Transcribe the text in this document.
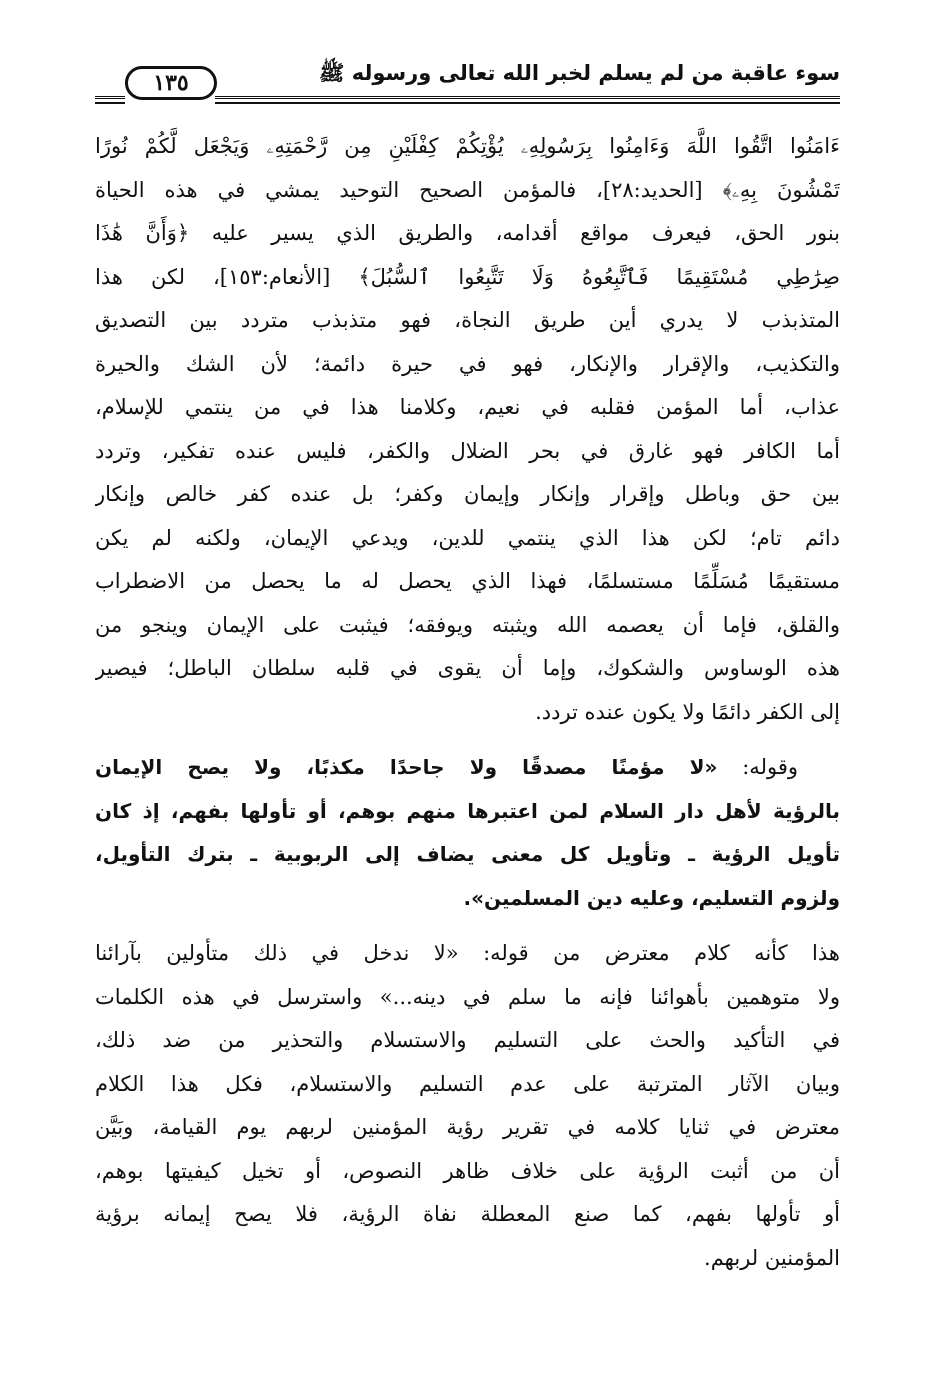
سوء عاقبة من لم يسلم لخبر الله تعالى ورسوله ﷺ
١٣٥
ءَامَنُوا اتَّقُوا اللَّهَ وَءَامِنُوا بِرَسُولِهِۦ يُؤْتِكُمْ كِفْلَيْنِ مِن رَّحْمَتِهِۦ وَيَجْعَل لَّكُمْ نُورًا
تَمْشُونَ بِهِۦ﴾ [الحديد:٢٨]، فالمؤمن الصحيح التوحيد يمشي في هذه الحياة
بنور الحق، فيعرف مواقع أقدامه، والطريق الذي يسير عليه ﴿وَأَنَّ هَٰذَا
صِرَٰطِي مُسْتَقِيمًا فَٱتَّبِعُوهُ وَلَا تَتَّبِعُوا ٱلسُّبُلَ﴾ [الأنعام:١٥٣]، لكن هذا
المتذبذب لا يدري أين طريق النجاة، فهو متذبذب متردد بين التصديق
والتكذيب، والإقرار والإنكار، فهو في حيرة دائمة؛ لأن الشك والحيرة
عذاب، أما المؤمن فقلبه في نعيم، وكلامنا هذا في من ينتمي للإسلام،
أما الكافر فهو غارق في بحر الضلال والكفر، فليس عنده تفكير، وتردد
بين حق وباطل وإقرار وإنكار وإيمان وكفر؛ بل عنده كفر خالص وإنكار
دائم تام؛ لكن هذا الذي ينتمي للدين، ويدعي الإيمان، ولكنه لم يكن
مستقيمًا مُسَلِّمًا مستسلمًا، فهذا الذي يحصل له ما يحصل من الاضطراب
والقلق، فإما أن يعصمه الله ويثبته ويوفقه؛ فيثبت على الإيمان وينجو من
هذه الوساوس والشكوك، وإما أن يقوى في قلبه سلطان الباطل؛ فيصير
إلى الكفر دائمًا ولا يكون عنده تردد.
  وقوله: «لا مؤمنًا مصدقًا ولا جاحدًا مكذبًا، ولا يصح الإيمان
بالرؤية لأهل دار السلام لمن اعتبرها منهم بوهم، أو تأولها بفهم، إذ كان
تأويل الرؤية ـ وتأويل كل معنى يضاف إلى الربوبية ـ بترك التأويل،
ولزوم التسليم، وعليه دين المسلمين».
هذا كأنه كلام معترض من قوله: «لا ندخل في ذلك متأولين بآرائنا
ولا متوهمين بأهوائنا فإنه ما سلم في دينه...» واسترسل في هذه الكلمات
في التأكيد والحث على التسليم والاستسلام والتحذير من ضد ذلك،
وبيان الآثار المترتبة على عدم التسليم والاستسلام، فكل هذا الكلام
معترض في ثنايا كلامه في تقرير رؤية المؤمنين لربهم يوم القيامة، وبَيَّن
أن من أثبت الرؤية على خلاف ظاهر النصوص، أو تخيل كيفيتها بوهم،
أو تأولها بفهم، كما صنع المعطلة نفاة الرؤية، فلا يصح إيمانه برؤية
المؤمنين لربهم.
